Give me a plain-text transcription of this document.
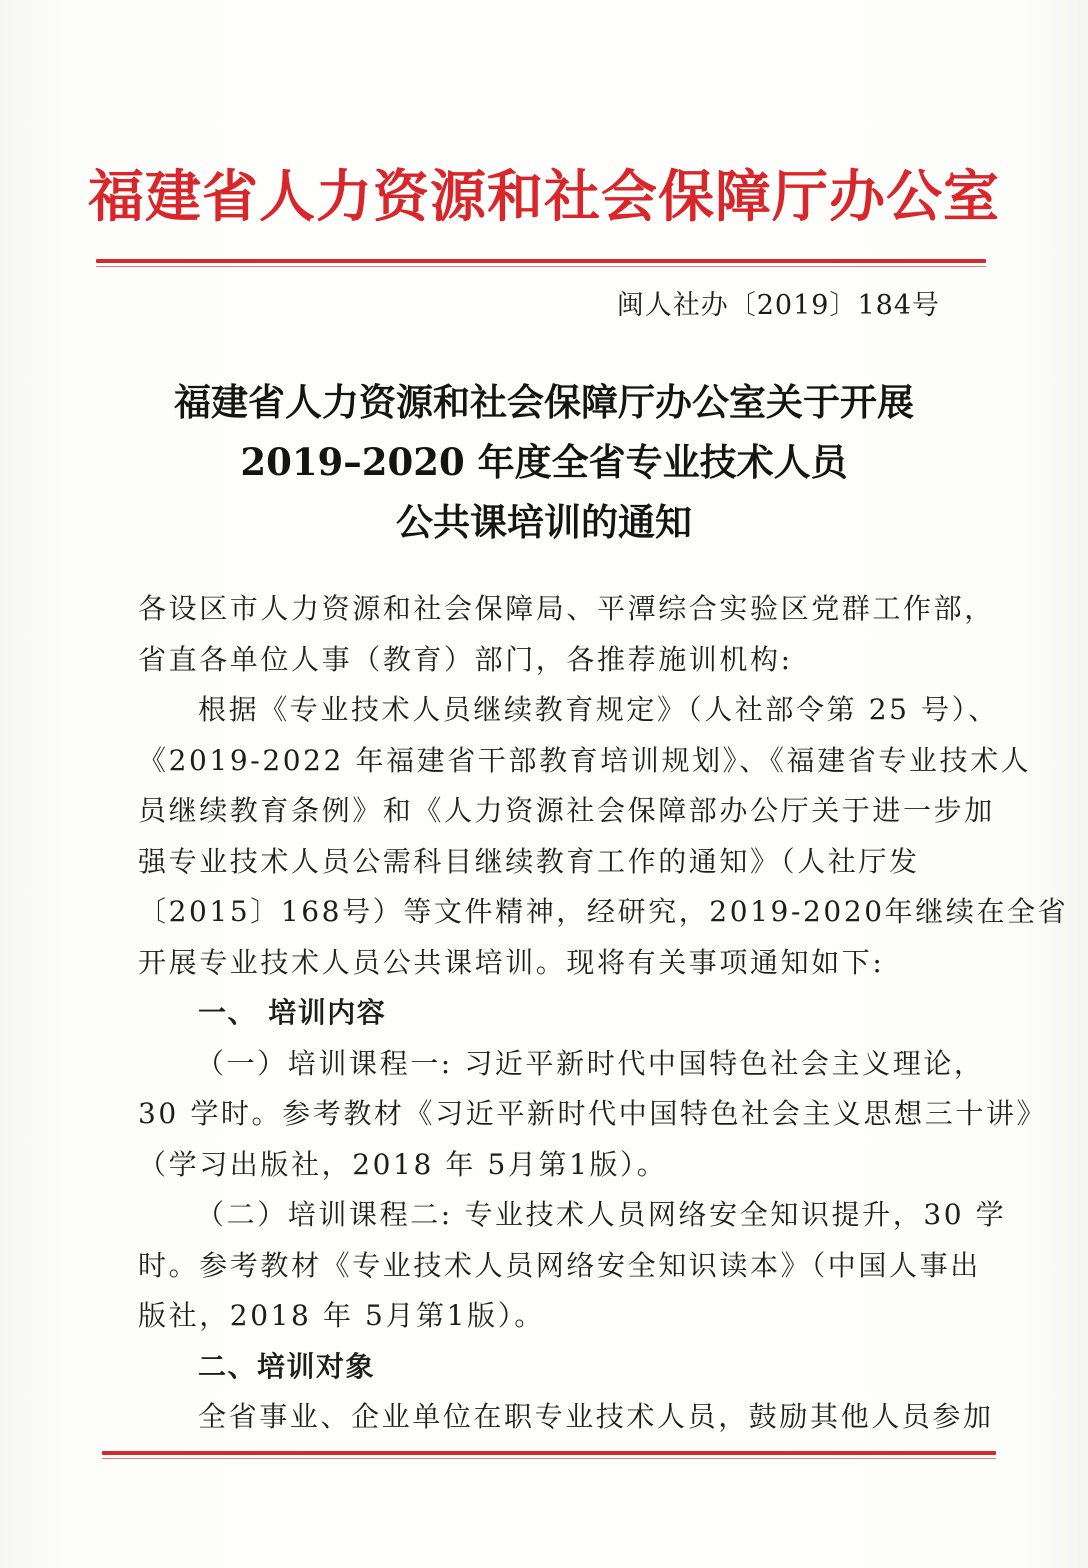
福建省人力资源和社会保障厅办公室
闽人社办〔2019〕184号
福建省人力资源和社会保障厅办公室关于开展
2019–2020 年度全省专业技术人员
公共课培训的通知

各设区市人力资源和社会保障局、平潭综合实验区党群工作部，

省直各单位人事（教育）部门，各推荐施训机构:

根据《专业技术人员继续教育规定》（人社部令第 25 号）、

《2019-2022 年福建省干部教育培训规划》、《福建省专业技术人

员继续教育条例》和《人力资源社会保障部办公厅关于进一步加

强专业技术人员公需科目继续教育工作的通知》（人社厅发

〔2015〕168号）等文件精神，经研究，2019-2020年继续在全省

开展专业技术人员公共课培训。现将有关事项通知如下:

一、 培训内容

（一）培训课程一: 习近平新时代中国特色社会主义理论，

30 学时。参考教材《习近平新时代中国特色社会主义思想三十讲》

（学习出版社，2018 年 5月第1版）。

（二）培训课程二: 专业技术人员网络安全知识提升，30 学

时。参考教材《专业技术人员网络安全知识读本》（中国人事出

版社，2018 年 5月第1版）。

二、培训对象

全省事业、企业单位在职专业技术人员，鼓励其他人员参加
